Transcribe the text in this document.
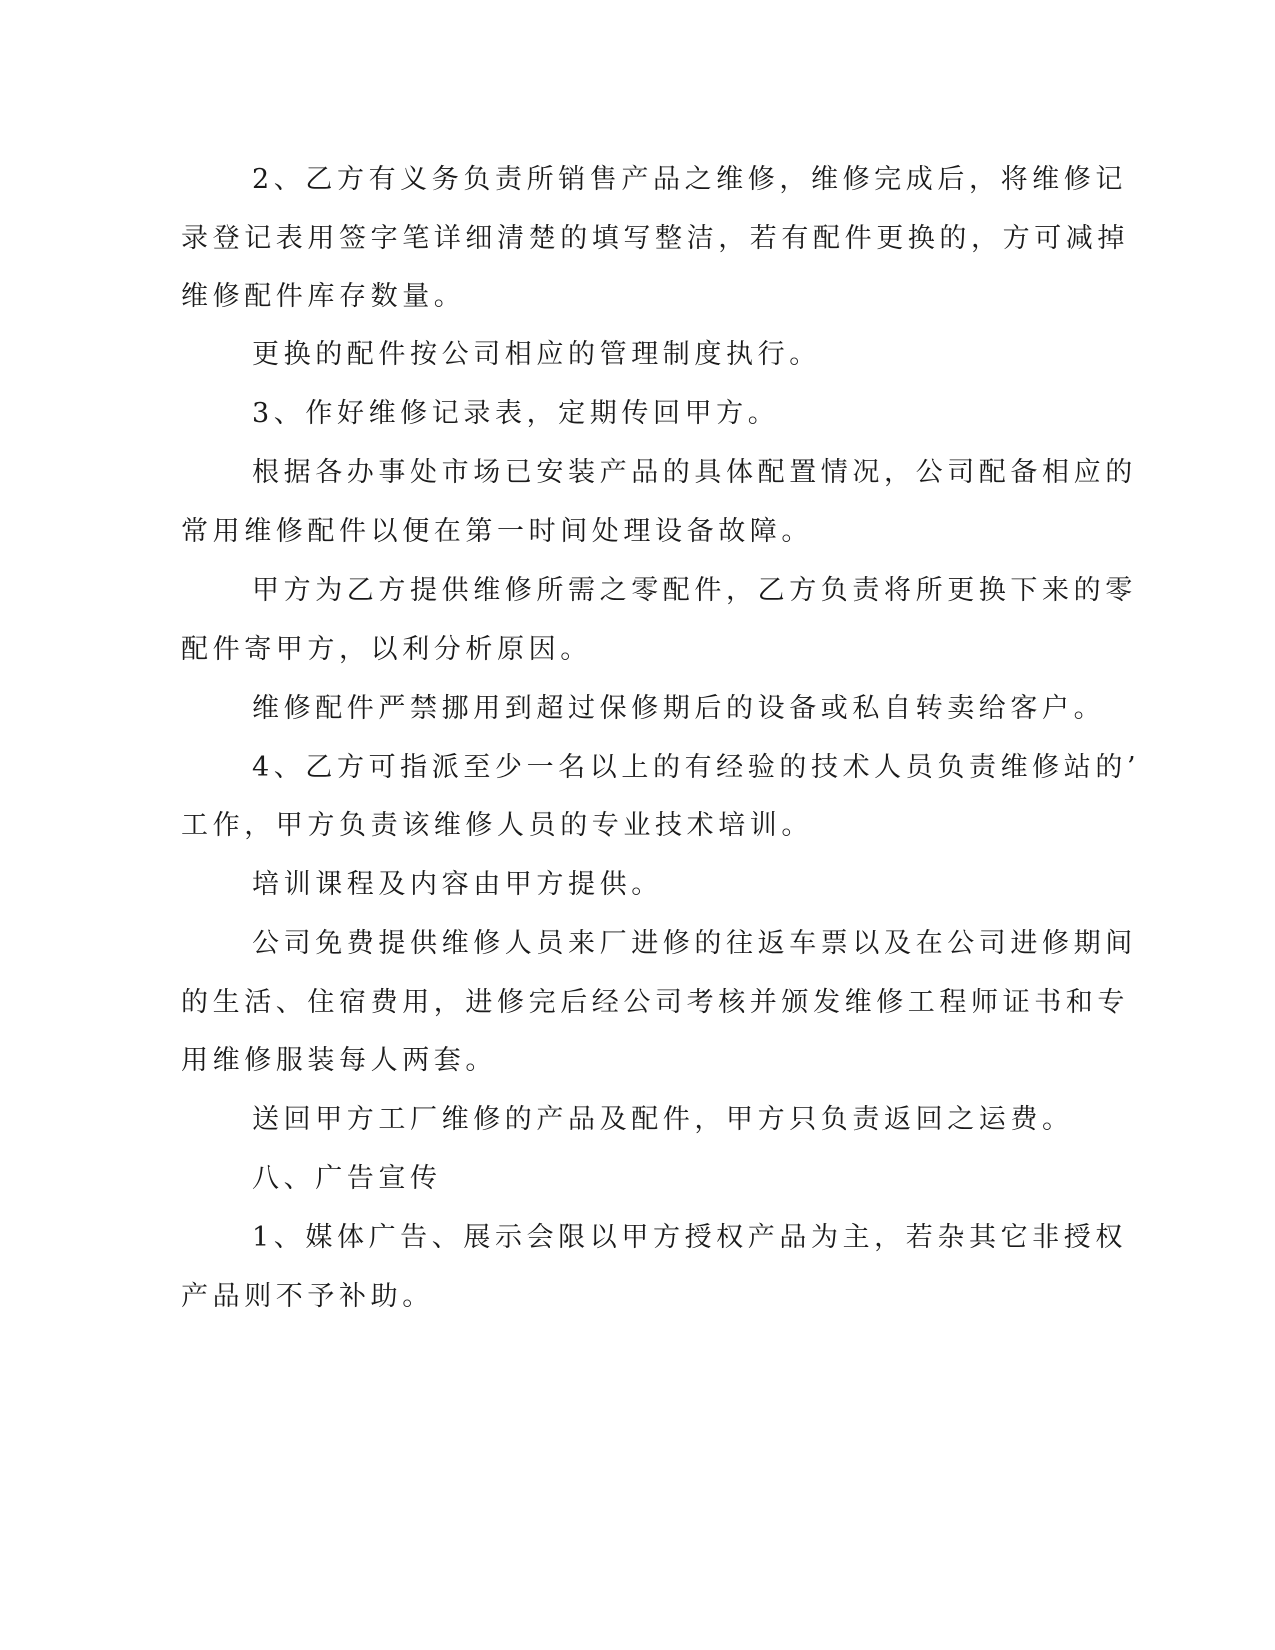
2、乙方有义务负责所销售产品之维修，维修完成后，将维修记

录登记表用签字笔详细清楚的填写整洁，若有配件更换的，方可减掉

维修配件库存数量。

更换的配件按公司相应的管理制度执行。

3、作好维修记录表，定期传回甲方。

根据各办事处市场已安装产品的具体配置情况，公司配备相应的

常用维修配件以便在第一时间处理设备故障。

甲方为乙方提供维修所需之零配件，乙方负责将所更换下来的零

配件寄甲方，以利分析原因。

维修配件严禁挪用到超过保修期后的设备或私自转卖给客户。

4、乙方可指派至少一名以上的有经验的技术人员负责维修站的’

工作，甲方负责该维修人员的专业技术培训。

培训课程及内容由甲方提供。

公司免费提供维修人员来厂进修的往返车票以及在公司进修期间

的生活、住宿费用，进修完后经公司考核并颁发维修工程师证书和专

用维修服装每人两套。

送回甲方工厂维修的产品及配件，甲方只负责返回之运费。

八、广告宣传

1、媒体广告、展示会限以甲方授权产品为主，若杂其它非授权

产品则不予补助。
